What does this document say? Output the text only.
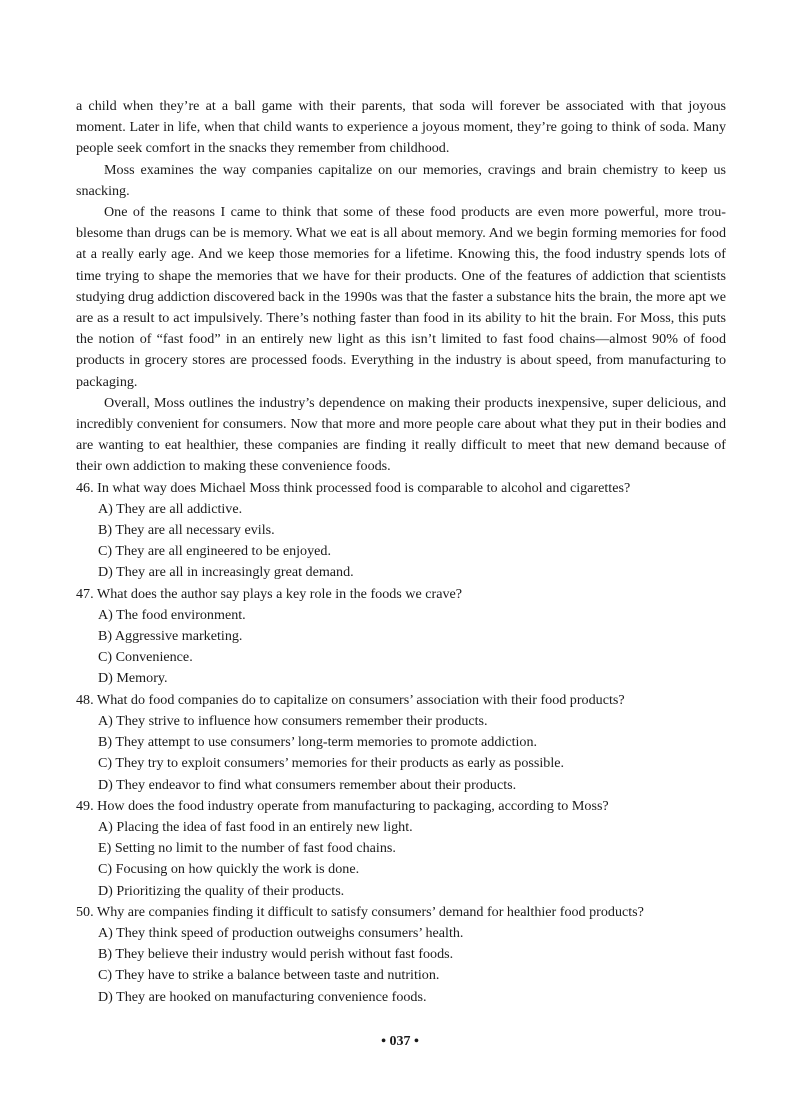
a child when they’re at a ball game with their parents, that soda will forever be associated with that joyous moment. Later in life, when that child wants to experience a joyous moment, they’re going to think of soda. Many people seek comfort in the snacks they remember from childhood.

Moss examines the way companies capitalize on our memories, cravings and brain chemistry to keep us snacking.

One of the reasons I came to think that some of these food products are even more powerful, more troublesome than drugs can be is memory. What we eat is all about memory. And we begin forming memories for food at a really early age. And we keep those memories for a lifetime. Knowing this, the food industry spends lots of time trying to shape the memories that we have for their products. One of the features of addiction that scientists studying drug addiction discovered back in the 1990s was that the faster a substance hits the brain, the more apt we are as a result to act impulsively. There’s nothing faster than food in its ability to hit the brain. For Moss, this puts the notion of “fast food” in an entirely new light as this isn’t limited to fast food chains—almost 90% of food products in grocery stores are processed foods. Everything in the industry is about speed, from manufacturing to packaging.

Overall, Moss outlines the industry’s dependence on making their products inexpensive, super delicious, and incredibly convenient for consumers. Now that more and more people care about what they put in their bodies and are wanting to eat healthier, these companies are finding it really difficult to meet that new demand because of their own addiction to making these convenience foods.

46. In what way does Michael Moss think processed food is comparable to alcohol and cigarettes?

A) They are all addictive.
B) They are all necessary evils.
C) They are all engineered to be enjoyed.
D) They are all in increasingly great demand.

47. What does the author say plays a key role in the foods we crave?

A) The food environment.
B) Aggressive marketing.
C) Convenience.
D) Memory.

48. What do food companies do to capitalize on consumers’ association with their food products?

A) They strive to influence how consumers remember their products.
B) They attempt to use consumers’ long-term memories to promote addiction.
C) They try to exploit consumers’ memories for their products as early as possible.
D) They endeavor to find what consumers remember about their products.

49. How does the food industry operate from manufacturing to packaging, according to Moss?

A) Placing the idea of fast food in an entirely new light.
E) Setting no limit to the number of fast food chains.
C) Focusing on how quickly the work is done.
D) Prioritizing the quality of their products.

50. Why are companies finding it difficult to satisfy consumers’ demand for healthier food products?

A) They think speed of production outweighs consumers’ health.
B) They believe their industry would perish without fast foods.
C) They have to strike a balance between taste and nutrition.
D) They are hooked on manufacturing convenience foods.
• 037 •
